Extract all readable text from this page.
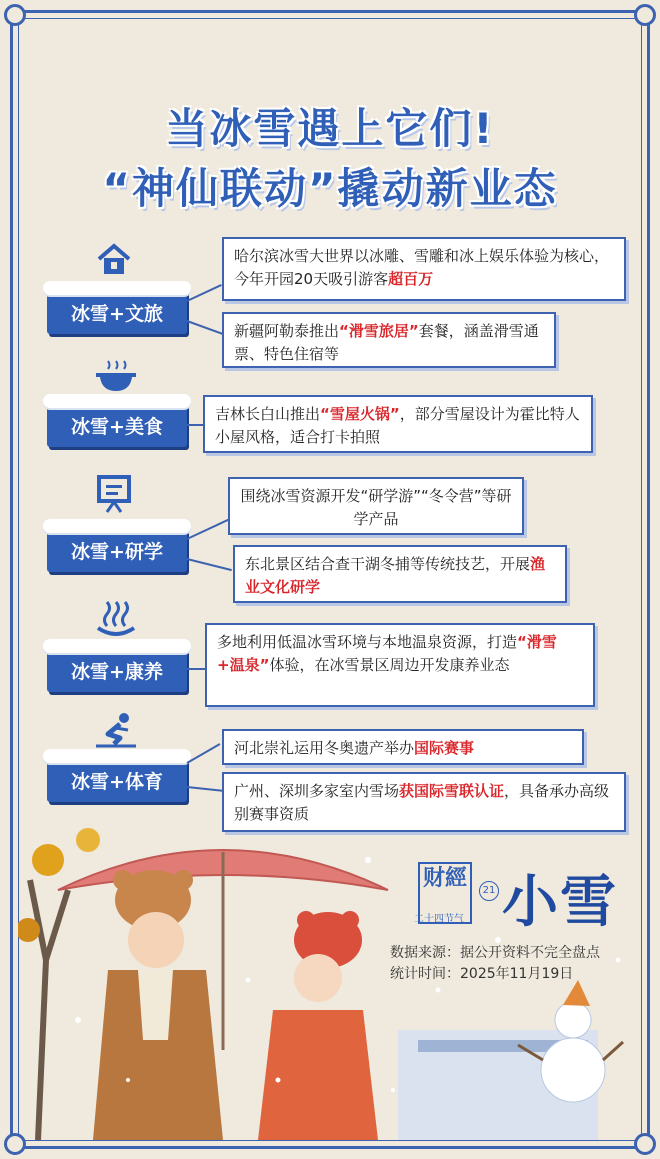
当冰雪遇上它们!
“神仙联动”撬动新业态
冰雪+文旅
哈尔滨冰雪大世界以冰雕、雪雕和冰上娱乐体验为核心，今年开园20天吸引游客超百万
新疆阿勒泰推出“滑雪旅居”套餐，涵盖滑雪通票、特色住宿等
冰雪+美食
吉林长白山推出“雪屋火锅”，部分雪屋设计为霍比特人小屋风格，适合打卡拍照
冰雪+研学
围绕冰雪资源开发“研学游”“冬令营”等研学产品
东北景区结合查干湖冬捕等传统技艺，开展渔业文化研学
冰雪+康养
多地利用低温冰雪环境与本地温泉资源，打造“滑雪+温泉”体验，在冰雪景区周边开发康养业态
冰雪+体育
河北崇礼运用冬奥遗产举办国际赛事
广州、深圳多家室内雪场获国际雪联认证，具备承办高级别赛事资质
财經
二十四节气
21 小雪
数据来源：据公开资料不完全盘点
统计时间：2025年11月19日
